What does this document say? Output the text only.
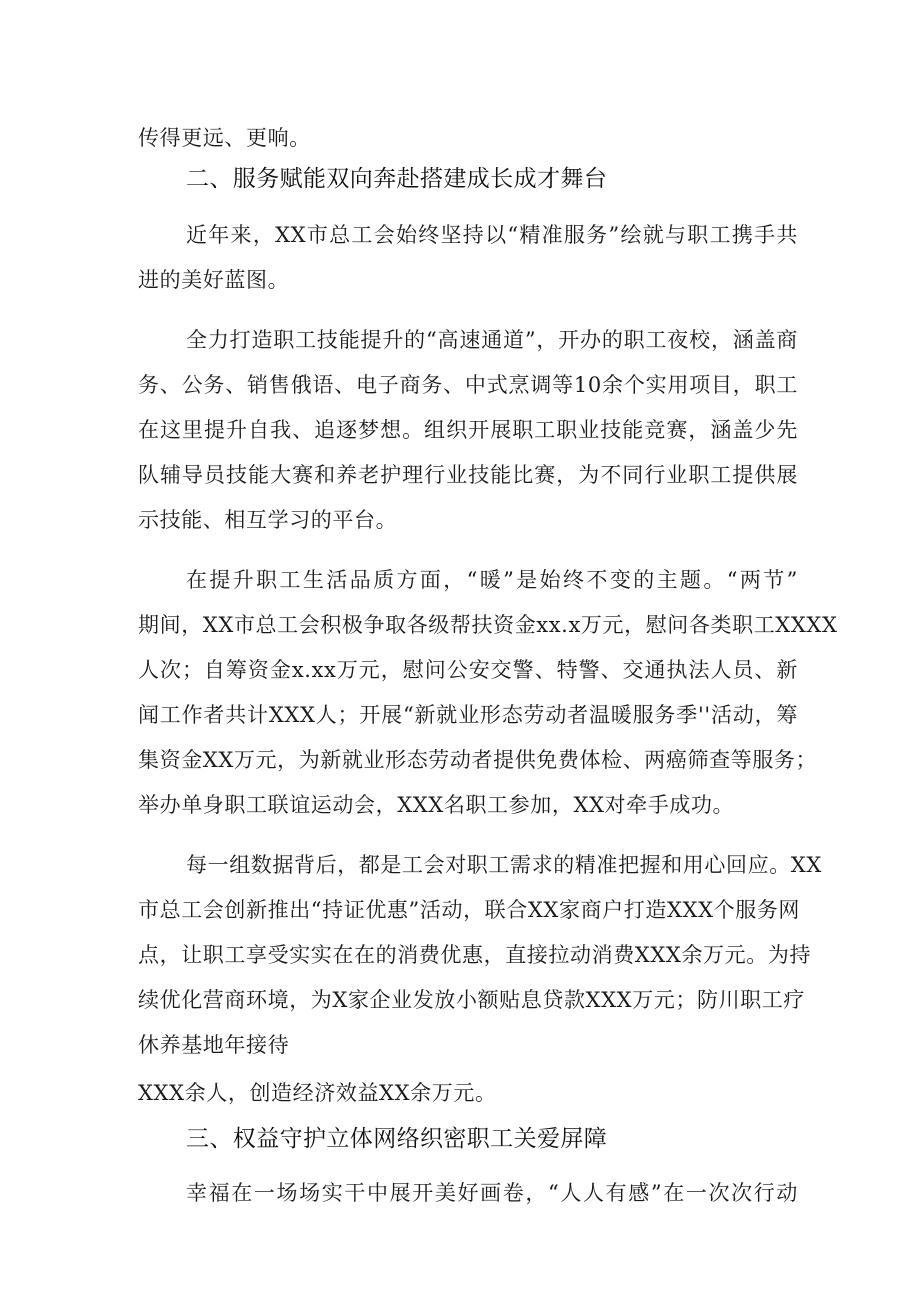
传得更远、更响。
二、服务赋能双向奔赴搭建成长成才舞台
近年来，XX市总工会始终坚持以“精准服务”绘就与职工携手共
进的美好蓝图。
全力打造职工技能提升的“高速通道”，开办的职工夜校，涵盖商
务、公务、销售俄语、电子商务、中式烹调等10余个实用项目，职工
在这里提升自我、追逐梦想。组织开展职工职业技能竞赛，涵盖少先
队辅导员技能大赛和养老护理行业技能比赛，为不同行业职工提供展
示技能、相互学习的平台。
在提升职工生活品质方面，“暖”是始终不变的主题。“两节”
期间，XX市总工会积极争取各级帮扶资金xx.x万元，慰问各类职工XXXX
人次；自筹资金x.xx万元，慰问公安交警、特警、交通执法人员、新
闻工作者共计XXX人；开展“新就业形态劳动者温暖服务季''活动，筹
集资金XX万元，为新就业形态劳动者提供免费体检、两癌筛查等服务；
举办单身职工联谊运动会，XXX名职工参加，XX对牵手成功。
每一组数据背后，都是工会对职工需求的精准把握和用心回应。XX
市总工会创新推出“持证优惠”活动，联合XX家商户打造XXX个服务网
点，让职工享受实实在在的消费优惠，直接拉动消费XXX余万元。为持
续优化营商环境，为X家企业发放小额贴息贷款XXX万元；防川职工疗
休养基地年接待
XXX余人，创造经济效益XX余万元。
三、权益守护立体网络织密职工关爱屏障
幸福在一场场实干中展开美好画卷，“人人有感”在一次次行动
